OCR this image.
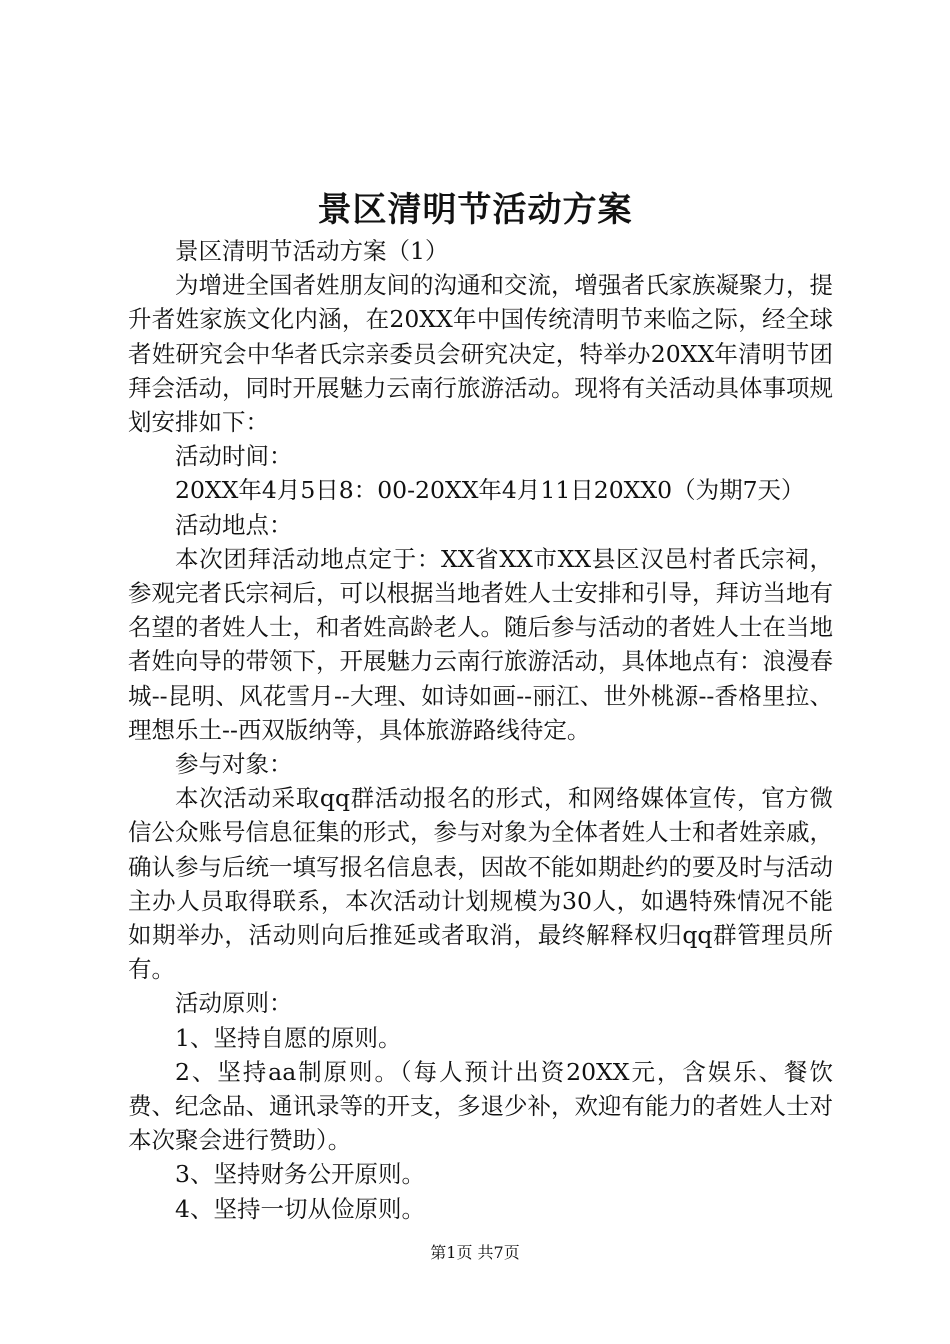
景区清明节活动方案

景区清明节活动方案（1）

为增进全国者姓朋友间的沟通和交流，增强者氏家族凝聚力，提升者姓家族文化内涵，在20XX年中国传统清明节来临之际，经全球者姓研究会中华者氏宗亲委员会研究决定，特举办20XX年清明节团拜会活动，同时开展魅力云南行旅游活动。现将有关活动具体事项规划安排如下：

活动时间：

20XX年4月5日8：00-20XX年4月11日20XX0（为期7天）

活动地点：

本次团拜活动地点定于：XX省XX市XX县区汉邑村者氏宗祠，参观完者氏宗祠后，可以根据当地者姓人士安排和引导，拜访当地有名望的者姓人士，和者姓高龄老人。随后参与活动的者姓人士在当地者姓向导的带领下，开展魅力云南行旅游活动，具体地点有：浪漫春城--昆明、风花雪月--大理、如诗如画--丽江、世外桃源--香格里拉、理想乐土--西双版纳等，具体旅游路线待定。

参与对象：

本次活动采取qq群活动报名的形式，和网络媒体宣传，官方微信公众账号信息征集的形式，参与对象为全体者姓人士和者姓亲戚，确认参与后统一填写报名信息表，因故不能如期赴约的要及时与活动主办人员取得联系，本次活动计划规模为30人，如遇特殊情况不能如期举办，活动则向后推延或者取消，最终解释权归qq群管理员所有。

活动原则：

1、坚持自愿的原则。

2、坚持aa制原则。（每人预计出资20XX元，含娱乐、餐饮费、纪念品、通讯录等的开支，多退少补，欢迎有能力的者姓人士对本次聚会进行赞助）。

3、坚持财务公开原则。

4、坚持一切从俭原则。

第1页 共7页
